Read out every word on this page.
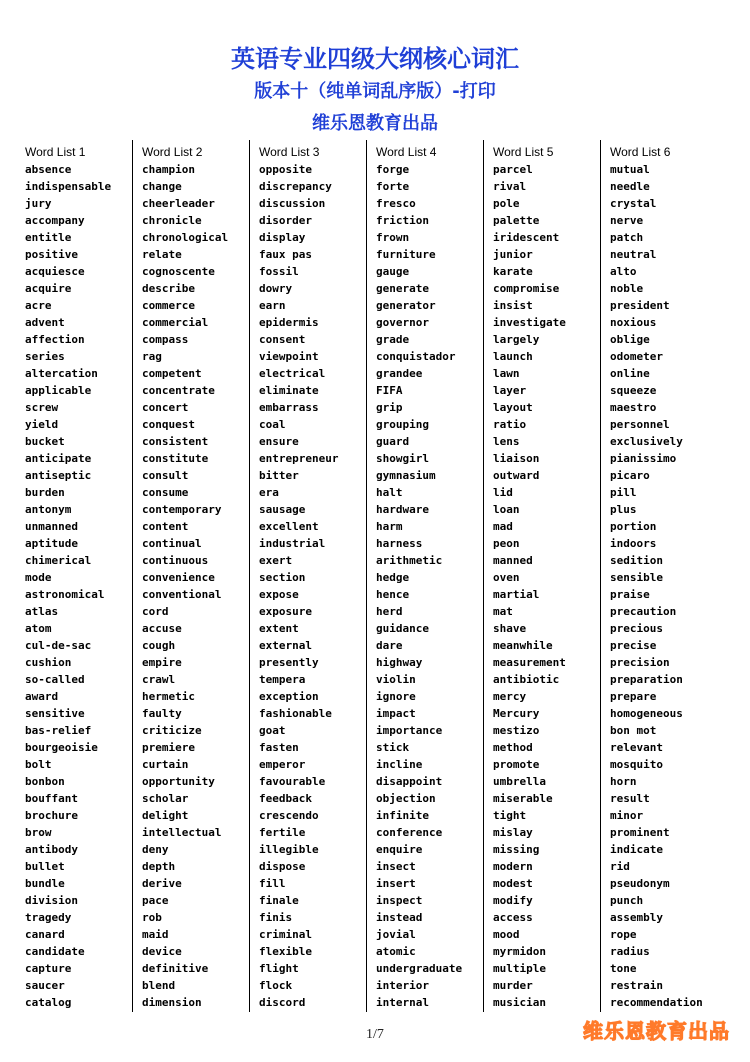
英语专业四级大纲核心词汇
版本十（纯单词乱序版）-打印
维乐恩教育出品
Word List 1
absence
indispensable
jury
accompany
entitle
positive
acquiesce
acquire
acre
advent
affection
series
altercation
applicable
screw
yield
bucket
anticipate
antiseptic
burden
antonym
unmanned
aptitude
chimerical
mode
astronomical
atlas
atom
cul-de-sac
cushion
so-called
award
sensitive
bas-relief
bourgeoisie
bolt
bonbon
bouffant
brochure
brow
antibody
bullet
bundle
division
tragedy
canard
candidate
capture
saucer
catalog
Word List 2
champion
change
cheerleader
chronicle
chronological
relate
cognoscente
describe
commerce
commercial
compass
rag
competent
concentrate
concert
conquest
consistent
constitute
consult
consume
contemporary
content
continual
continuous
convenience
conventional
cord
accuse
cough
empire
crawl
hermetic
faulty
criticize
premiere
curtain
opportunity
scholar
delight
intellectual
deny
depth
derive
pace
rob
maid
device
definitive
blend
dimension
Word List 3
opposite
discrepancy
discussion
disorder
display
faux pas
fossil
dowry
earn
epidermis
consent
viewpoint
electrical
eliminate
embarrass
coal
ensure
entrepreneur
bitter
era
sausage
excellent
industrial
exert
section
expose
exposure
extent
external
presently
tempera
exception
fashionable
goat
fasten
emperor
favourable
feedback
crescendo
fertile
illegible
dispose
fill
finale
finis
criminal
flexible
flight
flock
discord
Word List 4
forge
forte
fresco
friction
frown
furniture
gauge
generate
generator
governor
grade
conquistador
grandee
FIFA
grip
grouping
guard
showgirl
gymnasium
halt
hardware
harm
harness
arithmetic
hedge
hence
herd
guidance
dare
highway
violin
ignore
impact
importance
stick
incline
disappoint
objection
infinite
conference
enquire
insect
insert
inspect
instead
jovial
atomic
undergraduate
interior
internal
Word List 5
parcel
rival
pole
palette
iridescent
junior
karate
compromise
insist
investigate
largely
launch
lawn
layer
layout
ratio
lens
liaison
outward
lid
loan
mad
peon
manned
oven
martial
mat
shave
meanwhile
measurement
antibiotic
mercy
Mercury
mestizo
method
promote
umbrella
miserable
tight
mislay
missing
modern
modest
modify
access
mood
myrmidon
multiple
murder
musician
Word List 6
mutual
needle
crystal
nerve
patch
neutral
alto
noble
president
noxious
oblige
odometer
online
squeeze
maestro
personnel
exclusively
pianissimo
picaro
pill
plus
portion
indoors
sedition
sensible
praise
precaution
precious
precise
precision
preparation
prepare
homogeneous
bon mot
relevant
mosquito
horn
result
minor
prominent
indicate
rid
pseudonym
punch
assembly
rope
radius
tone
restrain
recommendation
1/7	维乐恩教育出品
